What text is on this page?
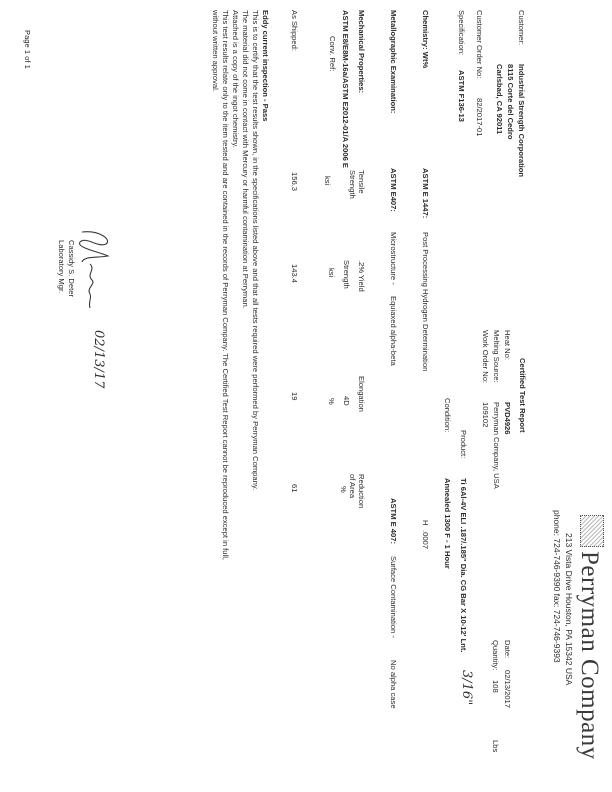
Perryman Company
213 Vista Drive Houston, PA 15342 USA
phone: 724-746-9390 fax: 724-746-9393
Customer:
Industrial Strength Corporation
8115 Corte del Cedro
Carlsbad, CA 92011
Customer Order No:
82/2017-01
Specification:
ASTM F136-13
Certified Test Report
Heat No:
PVD4926
Melting Source:
Perryman Company, USA
Work Order No:
109102
Date:
02/13/2017
Quantity:
108
Lbs
Product:
Ti 6Al-4V ELI .187/.185" Dia. CG Bar X 10-12' Lnt.
3/16"
Condition:
Annealed 1300 F - 1 Hour
Chemistry: Wt%
ASTM E 1447:
Post Processing Hydrogen Determination
H
.0007
Metallographic Examination:
ASTM E407:
Microstructure -
Equiaxed alpha-beta
ASTM E 407:
Surface Contamination -
No alpha case
Mechanical Properties:
ASTM E8/E8M-16a/ASTM E2012-01/A 2006 E
Conv. Ref:
Tensile
Strength
ksi
.2% Yield
Strength
ksi
Elongation
4D
%
Reduction
of Area
%
As Shipped:
156.3
143.4
19
61
Eddy current inspection - Pass
This is to certify that the test results shown, in the specifications listed above and that all tests required were performed by Perryman Company.
The material did not come in contact with Mercury or harmful contamination at Perryman.
Attached is a copy of the ingot chemistry.
This test results relate only to the item tested and are contained in the records of Perryman Company. The Certified Test Report cannot be reproduced except in full,
without written approval.
02/13/17
Cassidy S. Deter
Laboratory Mgr.
Page 1 of 1
